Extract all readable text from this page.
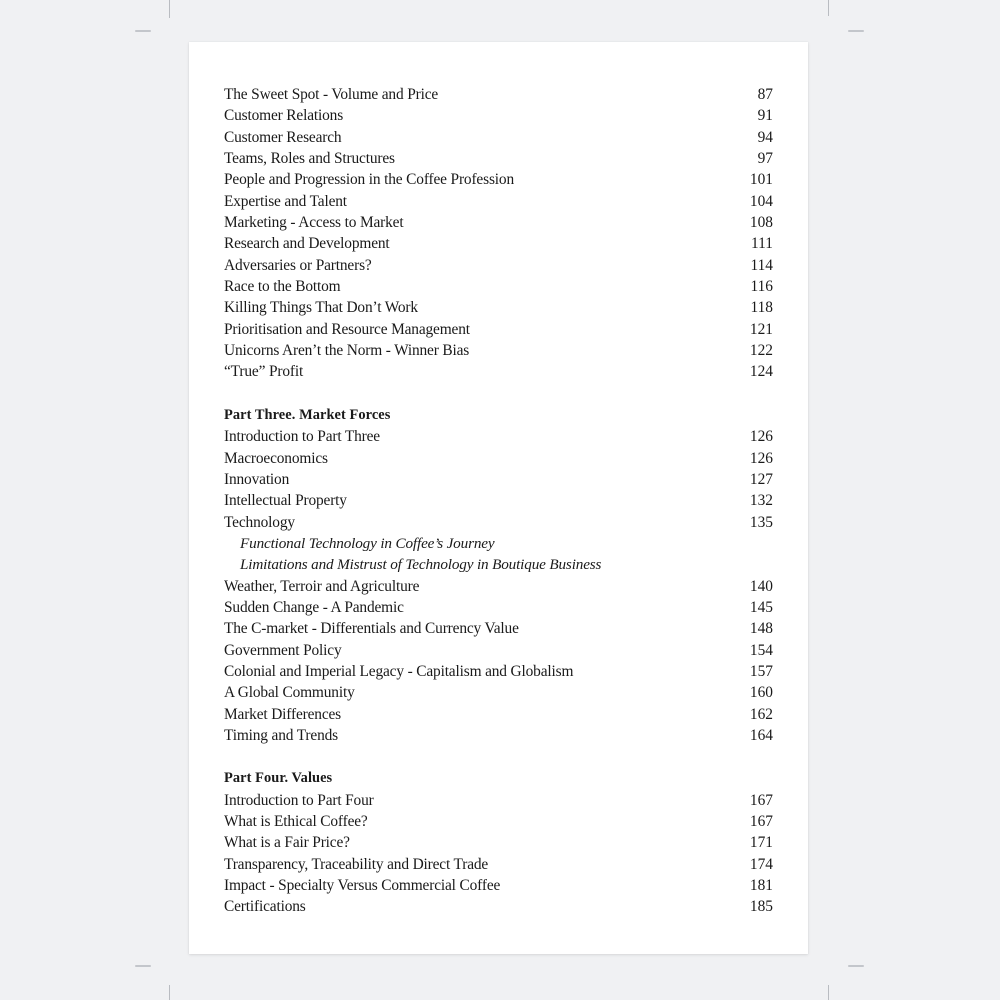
The Sweet Spot - Volume and Price	87
Customer Relations	91
Customer Research	94
Teams, Roles and Structures	97
People and Progression in the Coffee Profession	101
Expertise and Talent	104
Marketing - Access to Market	108
Research and Development	111
Adversaries or Partners?	114
Race to the Bottom	116
Killing Things That Don’t Work	118
Prioritisation and Resource Management	121
Unicorns Aren’t the Norm - Winner Bias	122
“True” Profit	124
Part Three. Market Forces
Introduction to Part Three	126
Macroeconomics	126
Innovation	127
Intellectual Property	132
Technology	135
Functional Technology in Coffee’s Journey
Limitations and Mistrust of Technology in Boutique Business
Weather, Terroir and Agriculture	140
Sudden Change - A Pandemic	145
The C-market - Differentials and Currency Value	148
Government Policy	154
Colonial and Imperial Legacy - Capitalism and Globalism	157
A Global Community	160
Market Differences	162
Timing and Trends	164
Part Four. Values
Introduction to Part Four	167
What is Ethical Coffee?	167
What is a Fair Price?	171
Transparency, Traceability and Direct Trade	174
Impact - Specialty Versus Commercial Coffee	181
Certifications	185
